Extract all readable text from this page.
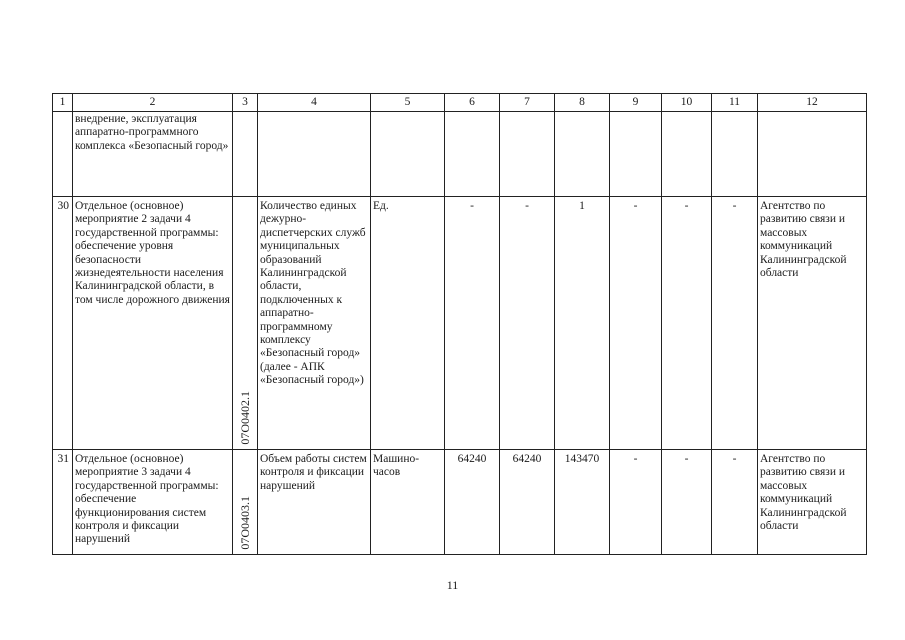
1	2	3	4	5	6	7	8	9	10	11	12
	внедрение, эксплуатация аппаратно-программного комплекса «Безопасный город»										
30	Отдельное (основное) мероприятие 2 задачи 4 государственной программы: обеспечение уровня безопасности жизнедеятельности населения Калининградской области, в том числе дорожного движения	07O0402.1	Количество единых дежурно-диспетчерских служб муниципальных образований Калининградской области, подключенных к аппаратно-программному комплексу «Безопасный город» (далее - АПК «Безопасный город»)	Ед.	-	-	1	-	-	-	Агентство по развитию связи и массовых коммуникаций Калининградской области
31	Отдельное (основное) мероприятие 3 задачи 4 государственной программы: обеспечение функционирования систем контроля и фиксации нарушений	07O0403.1	Объем работы систем контроля и фиксации нарушений	Машино-часов	64240	64240	143470	-	-	-	Агентство по развитию связи и массовых коммуникаций Калининградской области
11
